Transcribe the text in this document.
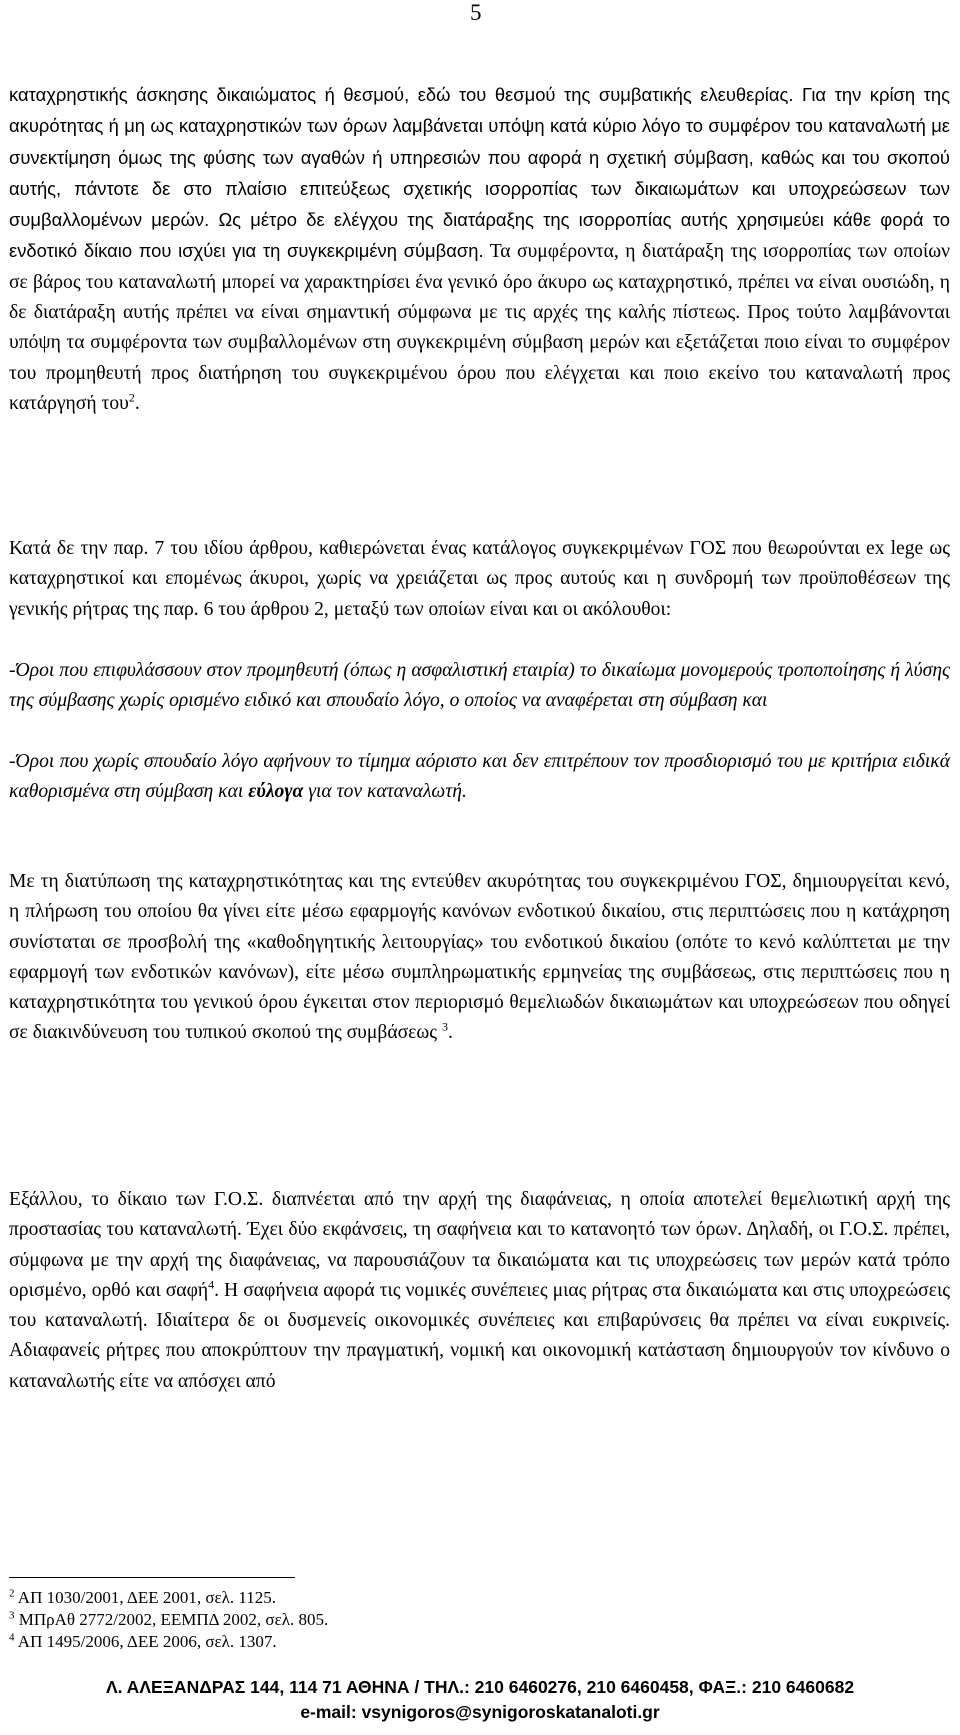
5

καταχρηστικής άσκησης δικαιώματος ή θεσμού, εδώ του θεσμού της συμβατικής ελευθερίας. Για την κρίση της ακυρότητας ή μη ως καταχρηστικών των όρων λαμβάνεται υπόψη κατά κύριο λόγο το συμφέρον του καταναλωτή με συνεκτίμηση όμως της φύσης των αγαθών ή υπηρεσιών που αφορά η σχετική σύμβαση, καθώς και του σκοπού αυτής, πάντοτε δε στο πλαίσιο επιτεύξεως σχετικής ισορροπίας των δικαιωμάτων και υποχρεώσεων των συμβαλλομένων μερών. Ως μέτρο δε ελέγχου της διατάραξης της ισορροπίας αυτής χρησιμεύει κάθε φορά το ενδοτικό δίκαιο που ισχύει για τη συγκεκριμένη σύμβαση. Τα συμφέροντα, η διατάραξη της ισορροπίας των οποίων σε βάρος του καταναλωτή μπορεί να χαρακτηρίσει ένα γενικό όρο άκυρο ως καταχρηστικό, πρέπει να είναι ουσιώδη, η δε διατάραξη αυτής πρέπει να είναι σημαντική σύμφωνα με τις αρχές της καλής πίστεως. Προς τούτο λαμβάνονται υπόψη τα συμφέροντα των συμβαλλομένων στη συγκεκριμένη σύμβαση μερών και εξετάζεται ποιο είναι το συμφέρον του προμηθευτή προς διατήρηση του συγκεκριμένου όρου που ελέγχεται και ποιο εκείνο του καταναλωτή προς κατάργησή του$^2$.

Κατά δε την παρ. 7 του ιδίου άρθρου, καθιερώνεται ένας κατάλογος συγκεκριμένων ΓΟΣ που θεωρούνται ex lege ως καταχρηστικοί και επομένως άκυροι, χωρίς να χρειάζεται ως προς αυτούς και η συνδρομή των προϋποθέσεων της γενικής ρήτρας της παρ. 6 του άρθρου 2, μεταξύ των οποίων είναι και οι ακόλουθοι:

-Όροι που επιφυλάσσουν στον προμηθευτή (όπως η ασφαλιστική εταιρία) το δικαίωμα μονομερούς τροποποίησης ή λύσης της σύμβασης χωρίς ορισμένο ειδικό και σπουδαίο λόγο, ο οποίος να αναφέρεται στη σύμβαση και

-Όροι που χωρίς σπουδαίο λόγο αφήνουν το τίμημα αόριστο και δεν επιτρέπουν τον προσδιορισμό του με κριτήρια ειδικά καθορισμένα στη σύμβαση και εύλογα για τον καταναλωτή.

Με τη διατύπωση της καταχρηστικότητας και της εντεύθεν ακυρότητας του συγκεκριμένου ΓΟΣ, δημιουργείται κενό, η πλήρωση του οποίου θα γίνει είτε μέσω εφαρμογής κανόνων ενδοτικού δικαίου, στις περιπτώσεις που η κατάχρηση συνίσταται σε προσβολή της «καθοδηγητικής λειτουργίας» του ενδοτικού δικαίου (οπότε το κενό καλύπτεται με την εφαρμογή των ενδοτικών κανόνων), είτε μέσω συμπληρωματικής ερμηνείας της συμβάσεως, στις περιπτώσεις που η καταχρηστικότητα του γενικού όρου έγκειται στον περιορισμό θεμελιωδών δικαιωμάτων και υποχρεώσεων που οδηγεί σε διακινδύνευση του τυπικού σκοπού της συμβάσεως $^3$.

Εξάλλου, το δίκαιο των Γ.Ο.Σ. διαπνέεται από την αρχή της διαφάνειας, η οποία αποτελεί θεμελιωτική αρχή της προστασίας του καταναλωτή. Έχει δύο εκφάνσεις, τη σαφήνεια και το κατανοητό των όρων. Δηλαδή, οι Γ.Ο.Σ. πρέπει, σύμφωνα με την αρχή της διαφάνειας, να παρουσιάζουν τα δικαιώματα και τις υποχρεώσεις των μερών κατά τρόπο ορισμένο, ορθό και σαφή$^4$. Η σαφήνεια αφορά τις νομικές συνέπειες μιας ρήτρας στα δικαιώματα και στις υποχρεώσεις του καταναλωτή. Ιδιαίτερα δε οι δυσμενείς οικονομικές συνέπειες και επιβαρύνσεις θα πρέπει να είναι ευκρινείς. Αδιαφανείς ρήτρες που αποκρύπτουν την πραγματική, νομική και οικονομική κατάσταση δημιουργούν τον κίνδυνο ο καταναλωτής είτε να απόσχει από

$^2$ ΑΠ 1030/2001, ΔΕΕ 2001, σελ. 1125.
$^3$ ΜΠρΑθ 2772/2002, ΕΕΜΠΔ 2002, σελ. 805.
$^4$ ΑΠ 1495/2006, ΔΕΕ 2006, σελ. 1307.
Λ. ΑΛΕΞΑΝΔΡΑΣ 144, 114 71 ΑΘΗΝΑ / ΤΗΛ.: 210 6460276, 210 6460458, ΦΑΞ.: 210 6460682
e-mail: vsynigoros@synigoroskatanaloti.gr
